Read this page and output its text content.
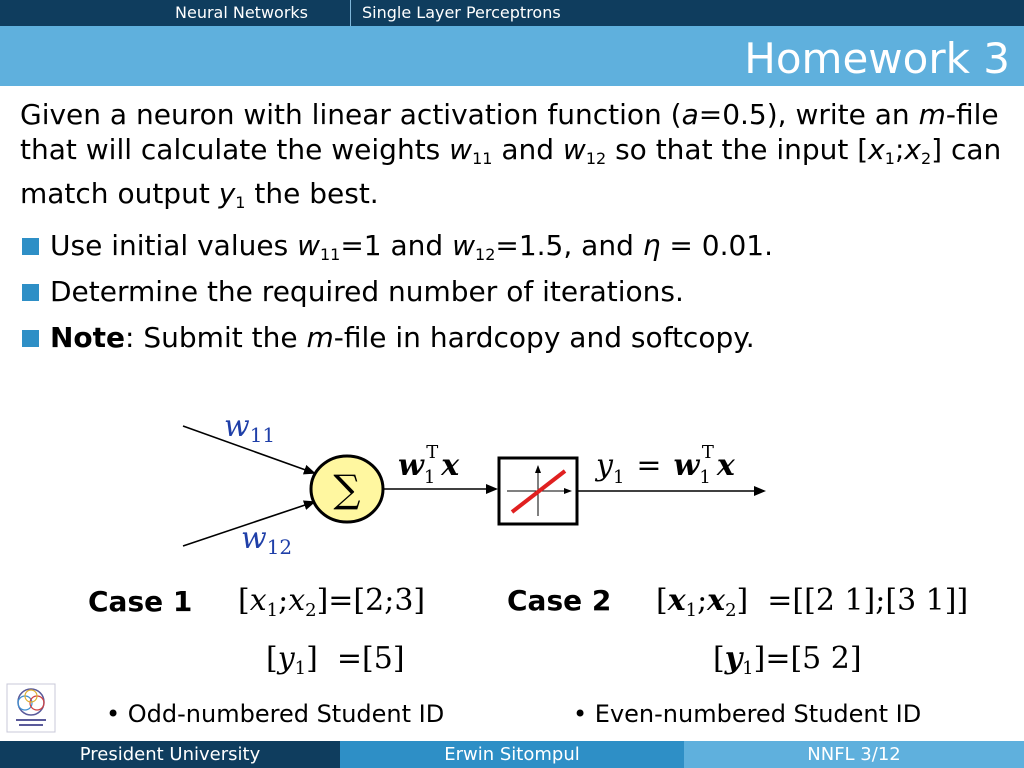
Neural Networks	Single Layer Perceptrons
Homework 3
Given a neuron with linear activation function (a=0.5), write an m-file that will calculate the weights $w_{11}$ and $w_{12}$ so that the input $[x_1;x_2]$ can match output $y_1$ the best.
Use initial values $w_{11}=1$ and $w_{12}=1.5$, and η = 0.01.
Determine the required number of iterations.
Note: Submit the m-file in hardcopy and softcopy.
$w_{11}$
$w_{12}$
∑
$w_1T$ x	$y_1 = w_1T$ x
Case 1 $[x_1;x_2]=[2;3]$
$[y_1] =[5]$
Case 2 $[x_1;x_2] =[[2$ 1];[3 1]]
$[y_1]=[5$ 2]
• Odd-numbered Student ID	• Even-numbered Student ID
President University	Erwin Sitompul	NNFL 3/12
